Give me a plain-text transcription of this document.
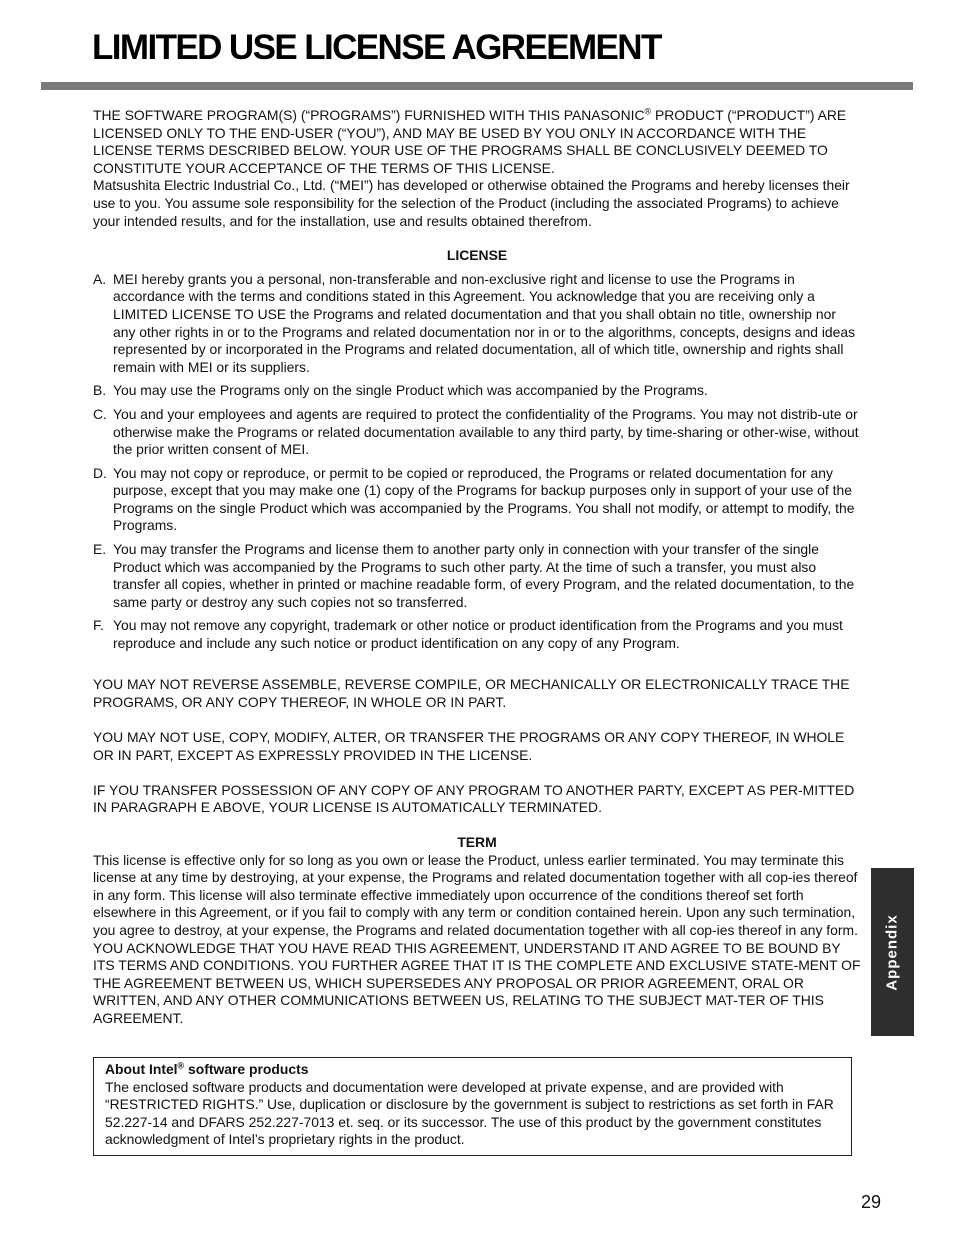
LIMITED USE LICENSE AGREEMENT

THE SOFTWARE PROGRAM(S) (“PROGRAMS”) FURNISHED WITH THIS PANASONIC® PRODUCT (“PRODUCT”) ARE LICENSED ONLY TO THE END-USER (“YOU”), AND MAY BE USED BY YOU ONLY IN ACCORDANCE WITH THE LICENSE TERMS DESCRIBED BELOW. YOUR USE OF THE PROGRAMS SHALL BE CONCLUSIVELY DEEMED TO CONSTITUTE YOUR ACCEPTANCE OF THE TERMS OF THIS LICENSE.

Matsushita Electric Industrial Co., Ltd. (“MEI”) has developed or otherwise obtained the Programs and hereby licenses their use to you. You assume sole responsibility for the selection of the Product (including the associated Programs) to achieve your intended results, and for the installation, use and results obtained therefrom.

LICENSE
A. MEI hereby grants you a personal, non-transferable and non-exclusive right and license to use the Programs in accordance with the terms and conditions stated in this Agreement. You acknowledge that you are receiving only a LIMITED LICENSE TO USE the Programs and related documentation and that you shall obtain no title, ownership nor any other rights in or to the Programs and related documentation nor in or to the algorithms, concepts, designs and ideas represented by or incorporated in the Programs and related documentation, all of which title, ownership and rights shall remain with MEI or its suppliers.
B. You may use the Programs only on the single Product which was accompanied by the Programs.
C. You and your employees and agents are required to protect the confidentiality of the Programs. You may not distrib-ute or otherwise make the Programs or related documentation available to any third party, by time-sharing or other-wise, without the prior written consent of MEI.
D. You may not copy or reproduce, or permit to be copied or reproduced, the Programs or related documentation for any purpose, except that you may make one (1) copy of the Programs for backup purposes only in support of your use of the Programs on the single Product which was accompanied by the Programs. You shall not modify, or attempt to modify, the Programs.
E. You may transfer the Programs and license them to another party only in connection with your transfer of the single Product which was accompanied by the Programs to such other party. At the time of such a transfer, you must also transfer all copies, whether in printed or machine readable form, of every Program, and the related documentation, to the same party or destroy any such copies not so transferred.
F. You may not remove any copyright, trademark or other notice or product identification from the Programs and you must reproduce and include any such notice or product identification on any copy of any Program.

YOU MAY NOT REVERSE ASSEMBLE, REVERSE COMPILE, OR MECHANICALLY OR ELECTRONICALLY TRACE THE PROGRAMS, OR ANY COPY THEREOF, IN WHOLE OR IN PART.

YOU MAY NOT USE, COPY, MODIFY, ALTER, OR TRANSFER THE PROGRAMS OR ANY COPY THEREOF, IN WHOLE OR IN PART, EXCEPT AS EXPRESSLY PROVIDED IN THE LICENSE.

IF YOU TRANSFER POSSESSION OF ANY COPY OF ANY PROGRAM TO ANOTHER PARTY, EXCEPT AS PER-MITTED IN PARAGRAPH E ABOVE, YOUR LICENSE IS AUTOMATICALLY TERMINATED.

TERM

This license is effective only for so long as you own or lease the Product, unless earlier terminated. You may terminate this license at any time by destroying, at your expense, the Programs and related documentation together with all cop-ies thereof in any form. This license will also terminate effective immediately upon occurrence of the conditions thereof set forth elsewhere in this Agreement, or if you fail to comply with any term or condition contained herein. Upon any such termination, you agree to destroy, at your expense, the Programs and related documentation together with all cop-ies thereof in any form.

YOU ACKNOWLEDGE THAT YOU HAVE READ THIS AGREEMENT, UNDERSTAND IT AND AGREE TO BE BOUND BY ITS TERMS AND CONDITIONS. YOU FURTHER AGREE THAT IT IS THE COMPLETE AND EXCLUSIVE STATE-MENT OF THE AGREEMENT BETWEEN US, WHICH SUPERSEDES ANY PROPOSAL OR PRIOR AGREEMENT, ORAL OR WRITTEN, AND ANY OTHER COMMUNICATIONS BETWEEN US, RELATING TO THE SUBJECT MAT-TER OF THIS AGREEMENT.

About Intel® software products
The enclosed software products and documentation were developed at private expense, and are provided with “RESTRICTED RIGHTS.” Use, duplication or disclosure by the government is subject to restrictions as set forth in FAR 52.227-14 and DFARS 252.227-7013 et. seq. or its successor. The use of this product by the government constitutes acknowledgment of Intel’s proprietary rights in the product.
Appendix
29
